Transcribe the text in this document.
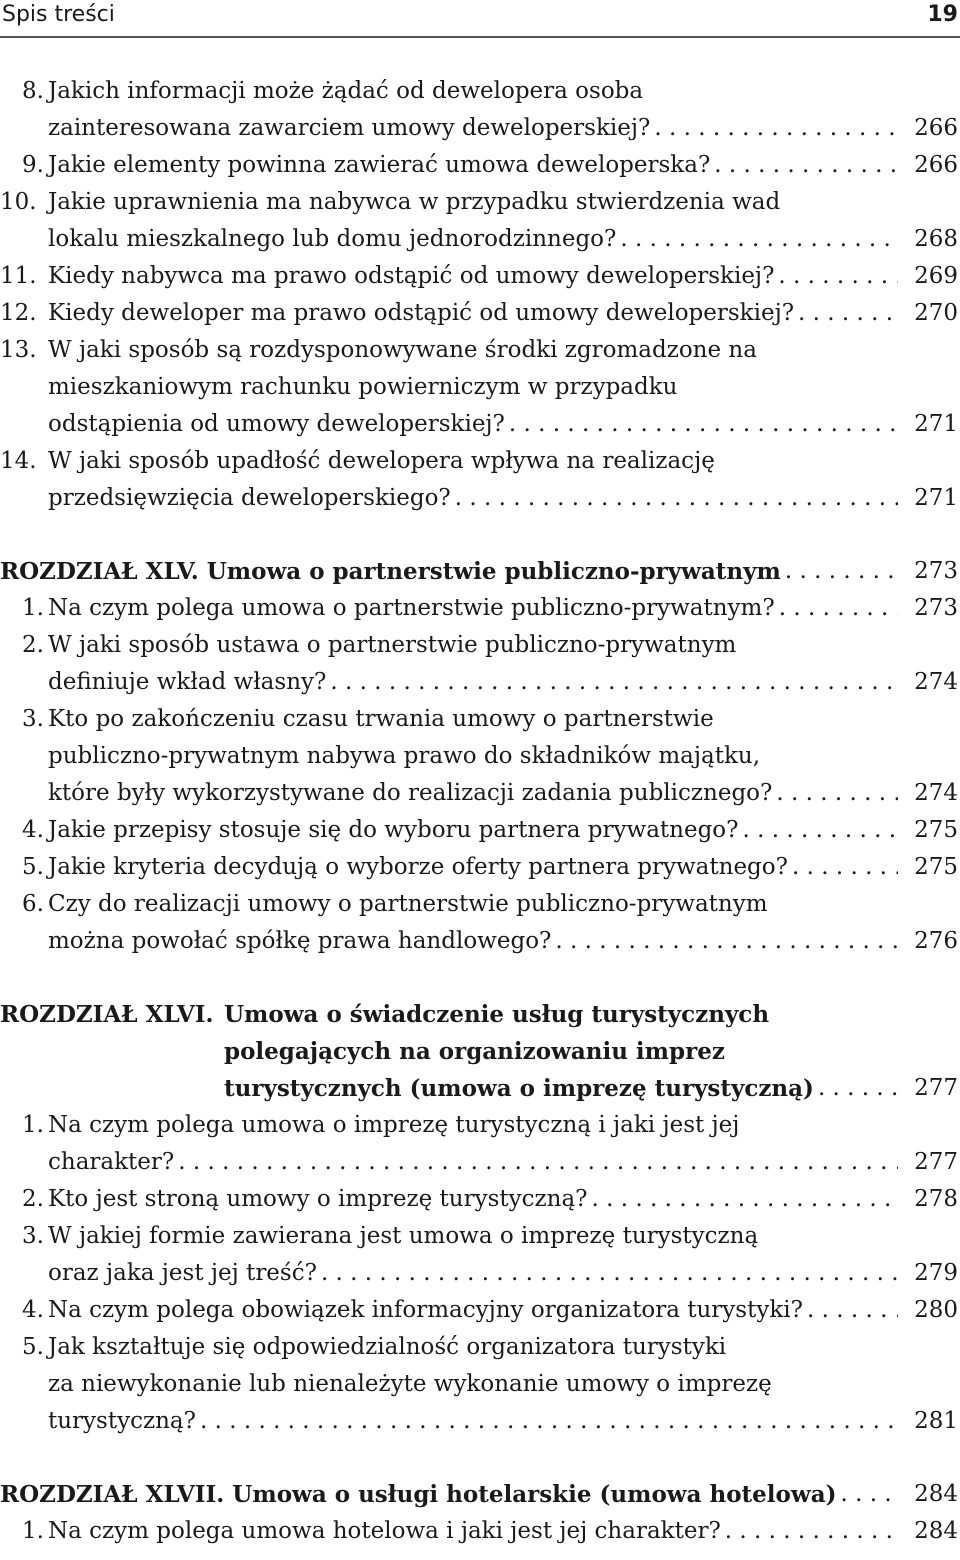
Spis treści	19
8. Jakich informacji może żądać od dewelopera osoba
zainteresowana zawarciem umowy deweloperskiej? . . .	266
9. Jakie elementy powinna zawierać umowa deweloperska? . . .	266
10. Jakie uprawnienia ma nabywca w przypadku stwierdzenia wad
lokalu mieszkalnego lub domu jednorodzinnego? . . .	268
11. Kiedy nabywca ma prawo odstąpić od umowy deweloperskiej? . . .	269
12. Kiedy deweloper ma prawo odstąpić od umowy deweloperskiej? . . .	270
13. W jaki sposób są rozdysponowywane środki zgromadzone na
mieszkaniowym rachunku powierniczym w przypadku
odstąpienia od umowy deweloperskiej? . . .	271
14. W jaki sposób upadłość dewelopera wpływa na realizację
przedsięwzięcia deweloperskiego? . . .	271
ROZDZIAŁ XLV. Umowa o partnerstwie publiczno-prywatnym . . .	273
1. Na czym polega umowa o partnerstwie publiczno-prywatnym? . . .	273
2. W jaki sposób ustawa o partnerstwie publiczno-prywatnym
definiuje wkład własny? . . .	274
3. Kto po zakończeniu czasu trwania umowy o partnerstwie
publiczno-prywatnym nabywa prawo do składników majątku,
które były wykorzystywane do realizacji zadania publicznego? . . .	274
4. Jakie przepisy stosuje się do wyboru partnera prywatnego? . . .	275
5. Jakie kryteria decydują o wyborze oferty partnera prywatnego? . . .	275
6. Czy do realizacji umowy o partnerstwie publiczno-prywatnym
można powołać spółkę prawa handlowego? . . .	276
ROZDZIAŁ XLVI. Umowa o świadczenie usług turystycznych
polegających na organizowaniu imprez
turystycznych (umowa o imprezę turystyczną) . . .	277
1. Na czym polega umowa o imprezę turystyczną i jaki jest jej
charakter? . . .	277
2. Kto jest stroną umowy o imprezę turystyczną? . . .	278
3. W jakiej formie zawierana jest umowa o imprezę turystyczną
oraz jaka jest jej treść? . . .	279
4. Na czym polega obowiązek informacyjny organizatora turystyki? . . .	280
5. Jak kształtuje się odpowiedzialność organizatora turystyki
za niewykonanie lub nienależyte wykonanie umowy o imprezę
turystyczną? . . .	281
ROZDZIAŁ XLVII. Umowa o usługi hotelarskie (umowa hotelowa) . . .	284
1. Na czym polega umowa hotelowa i jaki jest jej charakter? . . .	284
